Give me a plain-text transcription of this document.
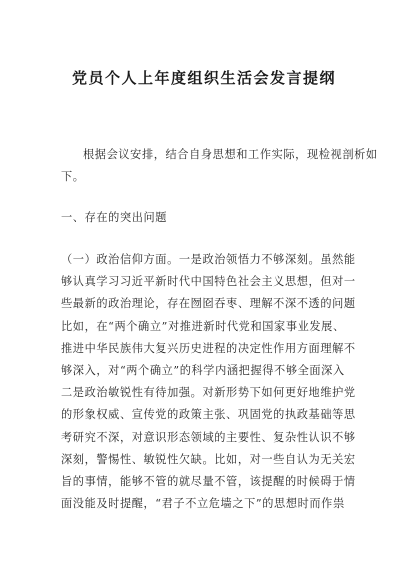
党员个人上年度组织生活会发言提纲
根据会议安排，结合自身思想和工作实际，现检视剖析如
下。
一、存在的突出问题
（一）政治信仰方面。一是政治领悟力不够深刻。虽然能
够认真学习习近平新时代中国特色社会主义思想，但对一
些最新的政治理论，存在囫囵吞枣、理解不深不透的问题
比如，在“两个确立”对推进新时代党和国家事业发展、
推进中华民族伟大复兴历史进程的决定性作用方面理解不
够深入，对“两个确立”的科学内涵把握得不够全面深入
二是政治敏锐性有待加强。对新形势下如何更好地维护党
的形象权威、宣传党的政策主张、巩固党的执政基础等思
考研究不深，对意识形态领域的主要性、复杂性认识不够
深刻，警惕性、敏锐性欠缺。比如，对一些自认为无关宏
旨的事情，能够不管的就尽量不管，该提醒的时候碍于情
面没能及时提醒，“君子不立危墙之下”的思想时而作祟
